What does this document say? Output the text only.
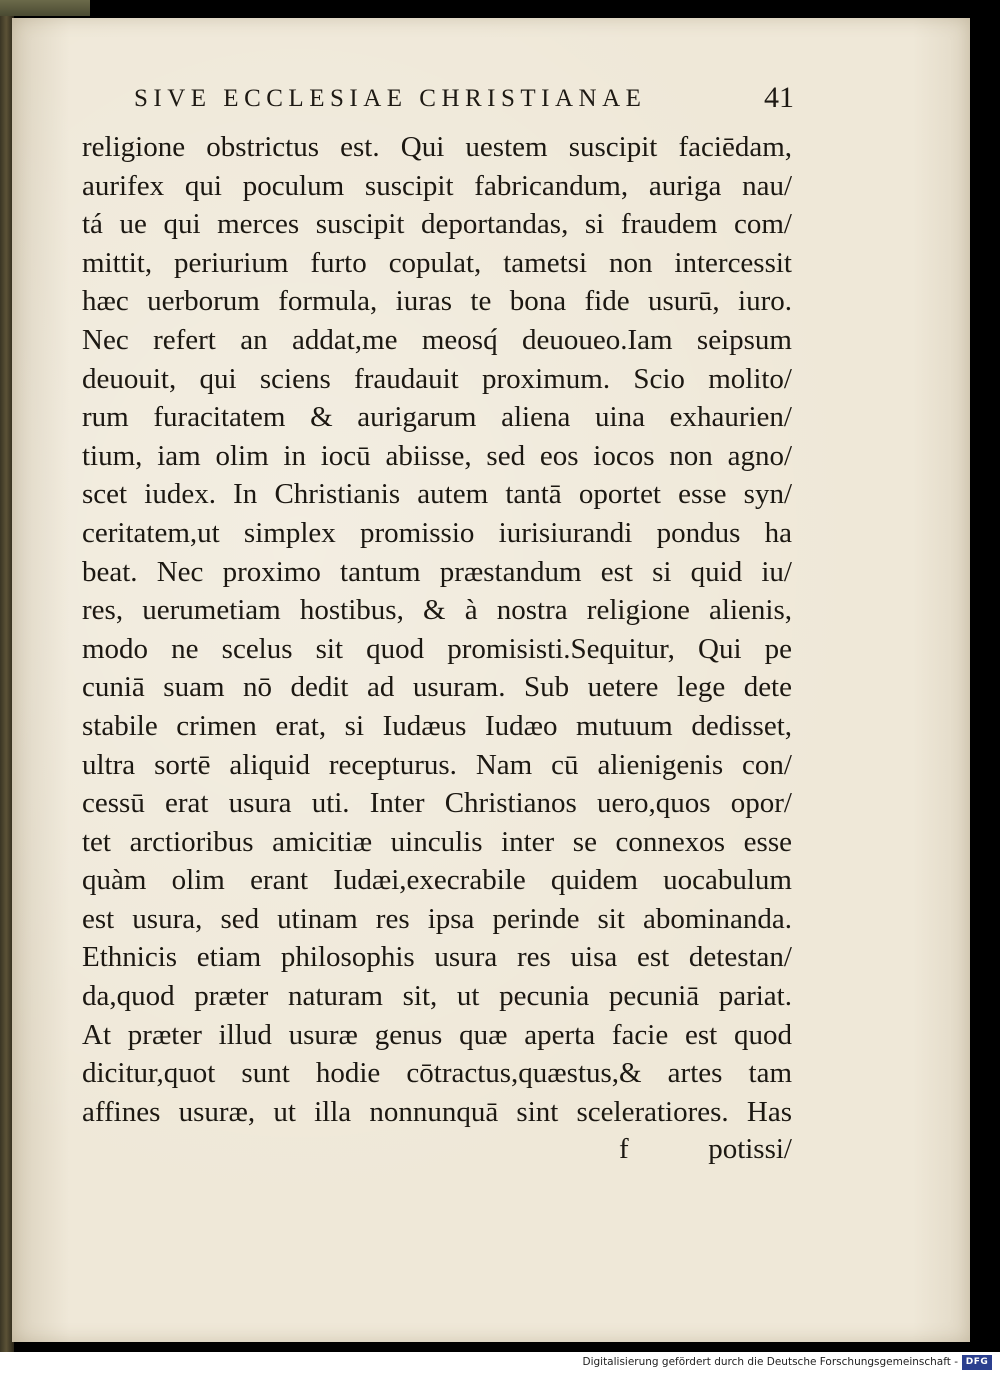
SIVE ECCLESIAE CHRISTIANAE	41
religione obstrictus est. Qui uestem suscipit faciēdam,
aurifex qui poculum suscipit fabricandum, auriga nau/
tá ue qui merces suscipit deportandas, si fraudem com/
mittit, periurium furto copulat, tametsi non intercessit
hæc uerborum formula, iuras te bona fide usurū, iuro.
Nec refert an addat,me meosq́ deuoueo.Iam seipsum
deuouit, qui sciens fraudauit proximum. Scio molito/
rum furacitatem & aurigarum aliena uina exhaurien/
tium, iam olim in iocū abiisse, sed eos iocos non agno/
scet iudex. In Christianis autem tantā oportet esse syn/
ceritatem,ut simplex promissio iurisiurandi pondus ha
beat. Nec proximo tantum præstandum est si quid iu/
res, uerumetiam hostibus, & à nostra religione alienis,
modo ne scelus sit quod promisisti.Sequitur, Qui pe
cuniā suam nō dedit ad usuram. Sub uetere lege dete
stabile crimen erat, si Iudæus Iudæo mutuum dedisset,
ultra sortē aliquid recepturus. Nam cū alienigenis con/
cessū erat usura uti. Inter Christianos uero,quos opor/
tet arctioribus amicitiæ uinculis inter se connexos esse
quàm olim erant Iudæi,execrabile quidem uocabulum
est usura, sed utinam res ipsa perinde sit abominanda.
Ethnicis etiam philosophis usura res uisa est detestan/
da,quod præter naturam sit, ut pecunia pecuniā pariat.
At præter illud usuræ genus quæ aperta facie est quod
dicitur,quot sunt hodie cōtractus,quæstus,& artes tam
affines usuræ, ut illa nonnunquā sint sceleratiores. Has
f	potissi/
Digitalisierung gefördert durch die Deutsche Forschungsgemeinschaft - DFG
